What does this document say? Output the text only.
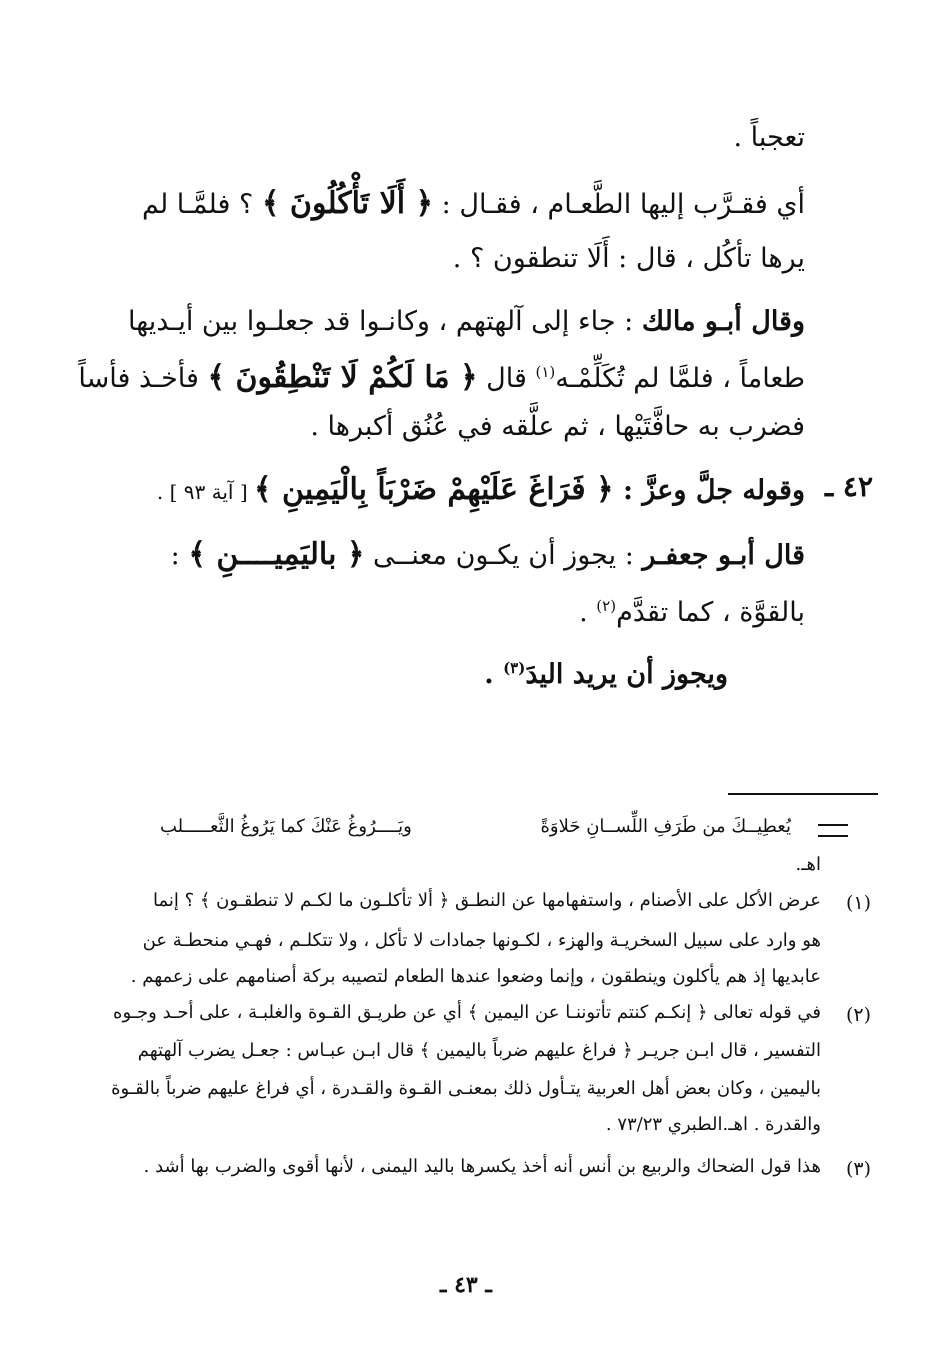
تعجباً .
أي فقـرَّب إليها الطَّعـام ، فقـال : ﴿ أَلَا تَأْكُلُونَ ﴾ ؟ فلمَّـا لم
يرها تأكُل ، قال : أَلَا تنطقون ؟ .
وقال أبـو مالك : جاء إلى آلهتهم ، وكانـوا قد جعلـوا بين أيـديها
طعاماً ، فلمَّا لم تُكَلِّمْـه$^{(١)}$ قال ﴿ مَا لَكُمْ لَا تَنْطِقُونَ ﴾ فأخـذ فأساً
فضرب به حافَّتَيْها ، ثم علَّقه في عُنُق أكبرها .
٤٢ ـ
وقوله جلَّ وعزَّ : ﴿ فَرَاغَ عَلَيْهِمْ ضَرْبَاً بِالْيَمِينِ ﴾ [ آية ٩٣ ] .
قال أبـو جعفـر : يجوز أن يكـون معنــى ﴿ باليَمِيــــنِ ﴾ :
بالقوَّة ، كما تقدَّم$^{(٢)}$ .
ويجوز أن يريد اليدَ$^{(٣)}$ .
يُعطِيــكَ من طَرَفِ اللِّســانِ حَلاوَةً
ويَــــرُوغُ عَنْكَ كما يَرُوغُ الثَّعـــــلب
اهـ.
(١)
عرض الأكل على الأصنام ، واستفهامها عن النطـق ﴿ ألا تأكلـون ما لكـم لا تنطقـون ﴾ ؟ إنما
هو وارد على سبيل السخريـة والهزء ، لكـونها جمادات لا تأكل ، ولا تتكلـم ، فهـي منحطـة عن
عابديها إذ هم يأكلون وينطقون ، وإنما وضعوا عندها الطعام لتصيبه بركة أصنامهم على زعمهم .
(٢)
في قوله تعالى ﴿ إنكـم كنتم تأتوننـا عن اليمين ﴾ أي عن طريـق القـوة والغلبـة ، على أحـد وجـوه
التفسير ، قال ابـن جريـر ﴿ فراغ عليهم ضرباً باليمين ﴾ قال ابـن عبـاس : جعـل يضرب آلهتهم
باليمين ، وكان بعض أهل العربية يتـأول ذلك بمعنـى القـوة والقـدرة ، أي فراغ عليهم ضرباً بالقـوة
والقدرة . اهـ.الطبري ٧٣/٢٣ .
(٣)
هذا قول الضحاك والربيع بن أنس أنه أخذ يكسرها باليد اليمنى ، لأنها أقوى والضرب بها أشد .
ـ ٤٣ ـ
